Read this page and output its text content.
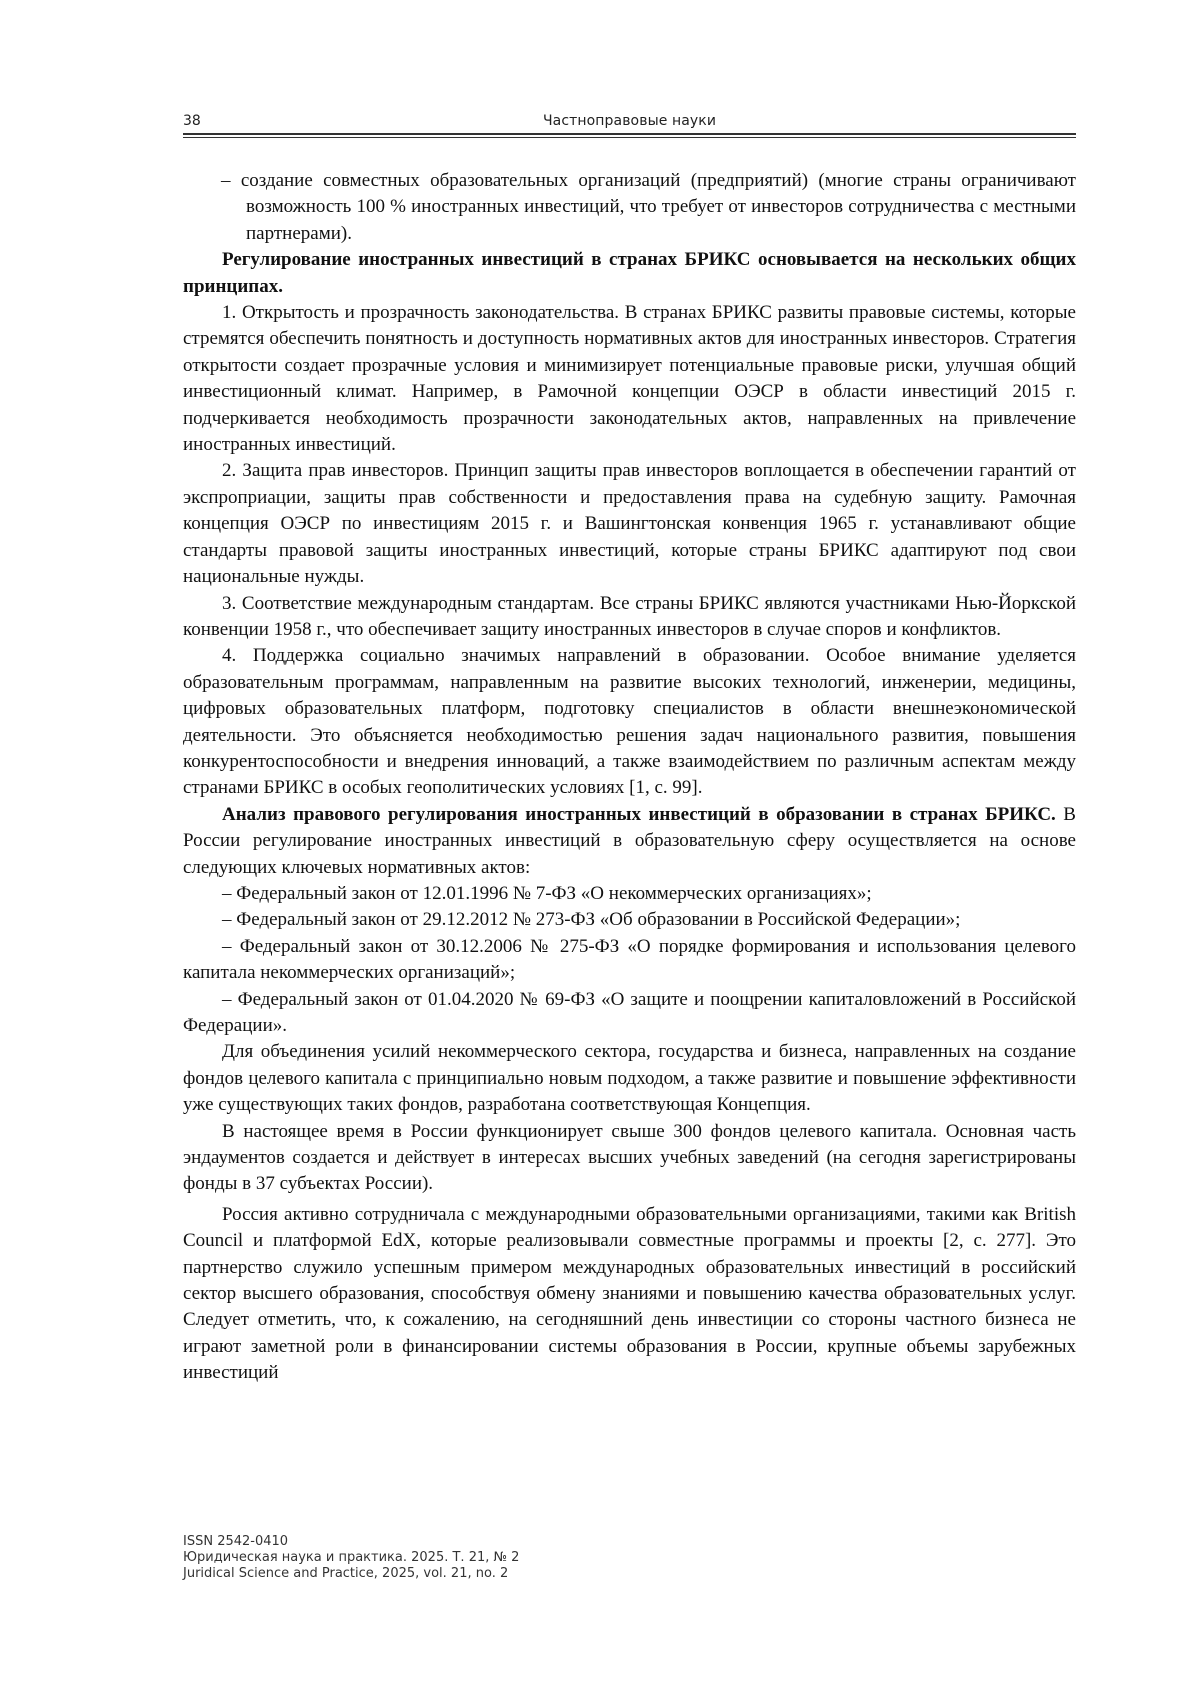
38	Частноправовые науки

– создание совместных образовательных организаций (предприятий) (многие страны ограничивают возможность 100 % иностранных инвестиций, что требует от инвесторов сотрудничества с местными партнерами).

Регулирование иностранных инвестиций в странах БРИКС основывается на нескольких общих принципах.

1. Открытость и прозрачность законодательства. В странах БРИКС развиты правовые системы, которые стремятся обеспечить понятность и доступность нормативных актов для иностранных инвесторов. Стратегия открытости создает прозрачные условия и минимизирует потенциальные правовые риски, улучшая общий инвестиционный климат. Например, в Рамочной концепции ОЭСР в области инвестиций 2015 г. подчеркивается необходимость прозрачности законодательных актов, направленных на привлечение иностранных инвестиций.

2. Защита прав инвесторов. Принцип защиты прав инвесторов воплощается в обеспечении гарантий от экспроприации, защиты прав собственности и предоставления права на судебную защиту. Рамочная концепция ОЭСР по инвестициям 2015 г. и Вашингтонская конвенция 1965 г. устанавливают общие стандарты правовой защиты иностранных инвестиций, которые страны БРИКС адаптируют под свои национальные нужды.

3. Соответствие международным стандартам. Все страны БРИКС являются участниками Нью-Йоркской конвенции 1958 г., что обеспечивает защиту иностранных инвесторов в случае споров и конфликтов.

4. Поддержка социально значимых направлений в образовании. Особое внимание уделяется образовательным программам, направленным на развитие высоких технологий, инженерии, медицины, цифровых образовательных платформ, подготовку специалистов в области внешнеэкономической деятельности. Это объясняется необходимостью решения задач национального развития, повышения конкурентоспособности и внедрения инноваций, а также взаимодействием по различным аспектам между странами БРИКС в особых геополитических условиях [1, с. 99].

Анализ правового регулирования иностранных инвестиций в образовании в странах БРИКС. В России регулирование иностранных инвестиций в образовательную сферу осуществляется на основе следующих ключевых нормативных актов:

– Федеральный закон от 12.01.1996 № 7-ФЗ «О некоммерческих организациях»;

– Федеральный закон от 29.12.2012 № 273-ФЗ «Об образовании в Российской Федерации»;

– Федеральный закон от 30.12.2006 № 275-ФЗ «О порядке формирования и использования целевого капитала некоммерческих организаций»;

– Федеральный закон от 01.04.2020 № 69-ФЗ «О защите и поощрении капиталовложений в Российской Федерации».

Для объединения усилий некоммерческого сектора, государства и бизнеса, направленных на создание фондов целевого капитала с принципиально новым подходом, а также развитие и повышение эффективности уже существующих таких фондов, разработана соответствующая Концепция.

В настоящее время в России функционирует свыше 300 фондов целевого капитала. Основная часть эндаументов создается и действует в интересах высших учебных заведений (на сегодня зарегистрированы фонды в 37 субъектах России).

Россия активно сотрудничала с международными образовательными организациями, такими как British Council и платформой EdX, которые реализовывали совместные программы и проекты [2, с. 277]. Это партнерство служило успешным примером международных образовательных инвестиций в российский сектор высшего образования, способствуя обмену знаниями и повышению качества образовательных услуг. Следует отметить, что, к сожалению, на сегодняшний день инвестиции со стороны частного бизнеса не играют заметной роли в финансировании системы образования в России, крупные объемы зарубежных инвестиций

ISSN 2542-0410
Юридическая наука и практика. 2025. Т. 21, № 2
Juridical Science and Practice, 2025, vol. 21, no. 2
